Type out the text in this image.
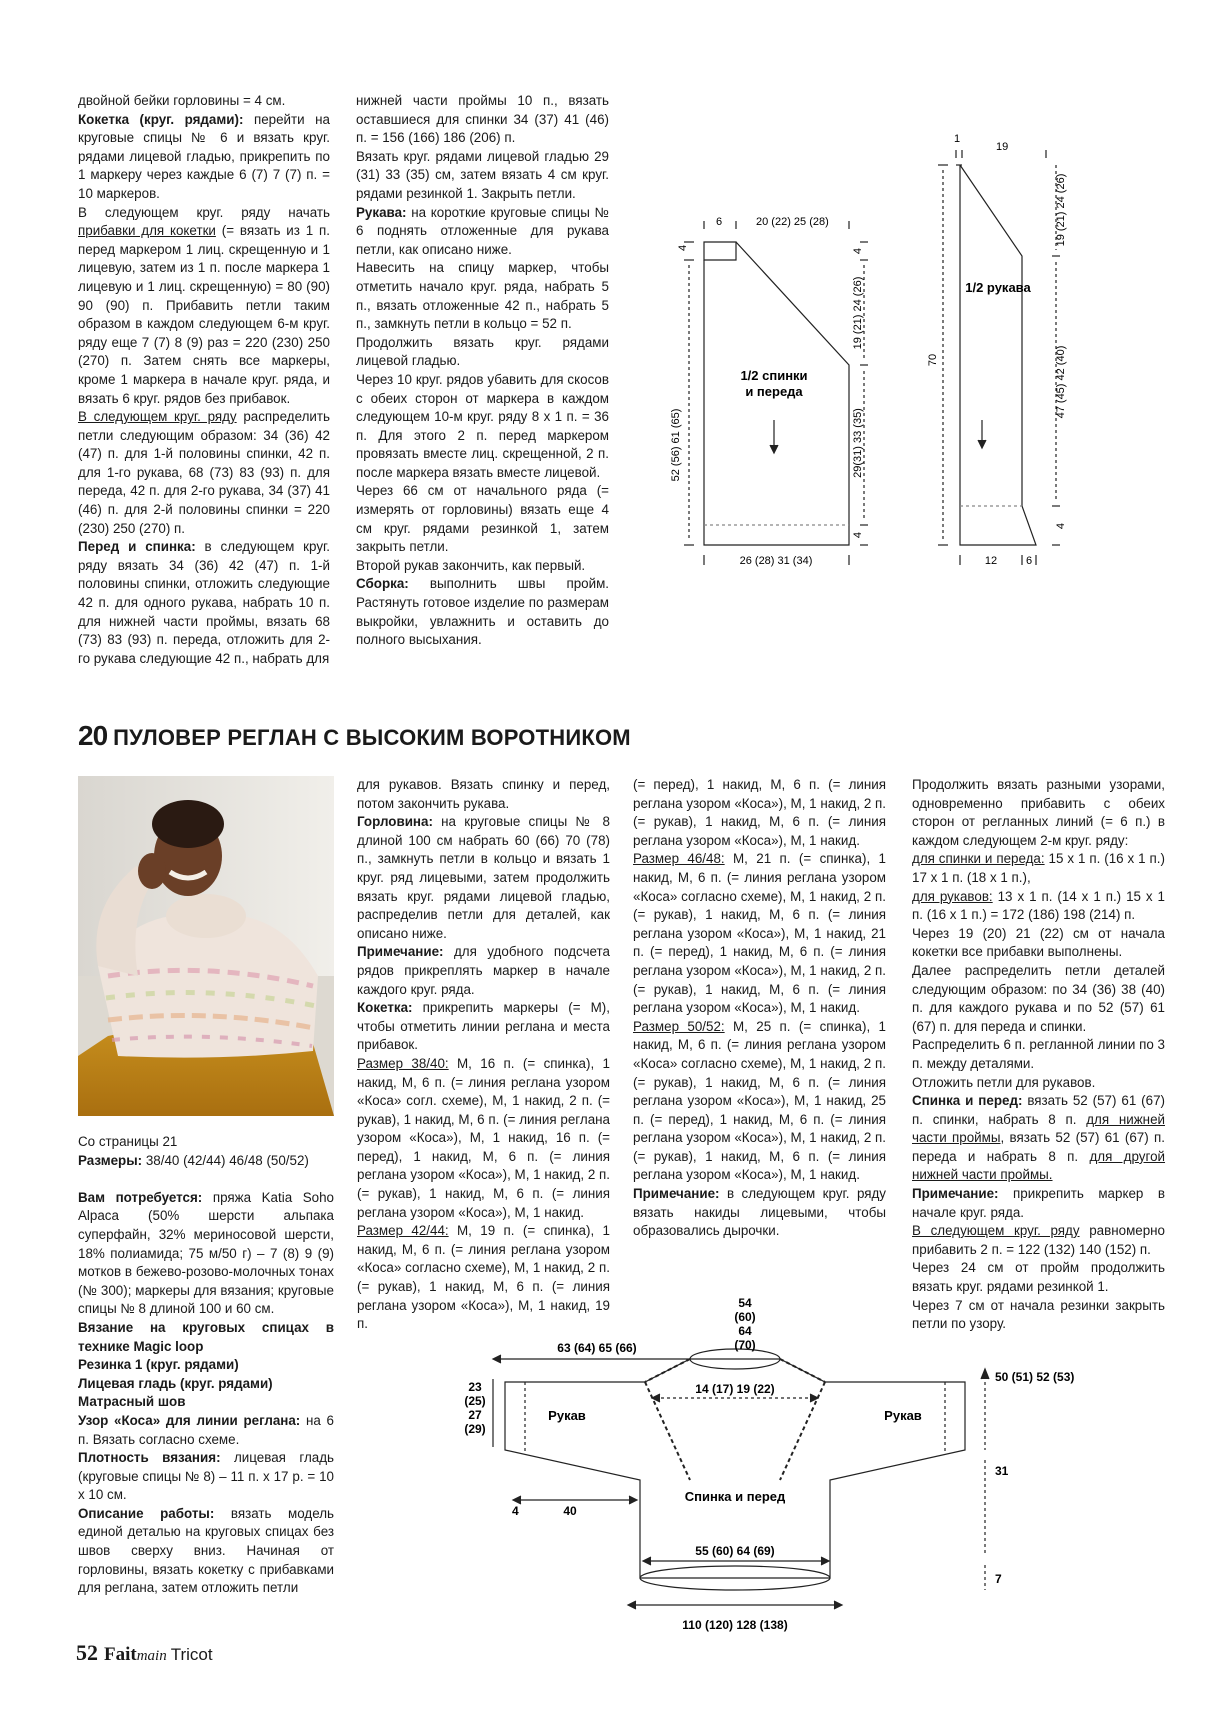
двойной бейки горловины = 4 см.

Кокетка (круг. рядами): перейти на круговые спицы № 6 и вязать круг. рядами лицевой гладью, прикрепить по 1 маркеру через каждые 6 (7) 7 (7) п. = 10 маркеров.

В следующем круг. ряду начать прибавки для кокетки (= вязать из 1 п. перед маркером 1 лиц. скрещенную и 1 лицевую, затем из 1 п. после маркера 1 лицевую и 1 лиц. скрещенную) = 80 (90) 90 (90) п. Прибавить петли таким образом в каждом следующем 6-м круг. ряду еще 7 (7) 8 (9) раз = 220 (230) 250 (270) п. Затем снять все маркеры, кроме 1 маркера в начале круг. ряда, и вязать 6 круг. рядов без прибавок.

В следующем круг. ряду распределить петли следующим образом: 34 (36) 42 (47) п. для 1-й половины спинки, 42 п. для 1-го рукава, 68 (73) 83 (93) п. для переда, 42 п. для 2-го рукава, 34 (37) 41 (46) п. для 2-й половины спинки = 220 (230) 250 (270) п.

Перед и спинка: в следующем круг. ряду вязать 34 (36) 42 (47) п. 1-й половины спинки, отложить следующие 42 п. для одного рукава, набрать 10 п. для нижней части проймы, вязать 68 (73) 83 (93) п. переда, отложить для 2-го рукава следующие 42 п., набрать для

нижней части проймы 10 п., вязать оставшиеся для спинки 34 (37) 41 (46) п. = 156 (166) 186 (206) п.

Вязать круг. рядами лицевой гладью 29 (31) 33 (35) см, затем вязать 4 см круг. рядами резинкой 1. Закрыть петли.

Рукава: на короткие круговые спицы № 6 поднять отложенные для рукава петли, как описано ниже.

Навесить на спицу маркер, чтобы отметить начало круг. ряда, набрать 5 п., вязать отложенные 42 п., набрать 5 п., замкнуть петли в кольцо = 52 п.

Продолжить вязать круг. рядами лицевой гладью.

Через 10 круг. рядов убавить для скосов с обеих сторон от маркера в каждом следующем 10-м круг. ряду 8 x 1 п. = 36 п. Для этого 2 п. перед маркером провязать вместе лиц. скрещенной, 2 п. после маркера вязать вместе лицевой.

Через 66 см от начального ряда (= измерять от горловины) вязать еще 4 см круг. рядами резинкой 1, затем закрыть петли.

Второй рукав закончить, как первый.

Сборка: выполнить швы пройм. Растянуть готовое изделие по размерам выкройки, увлажнить и оставить до полного высыхания.

4
6	20 (22) 25 (28)
52 (56) 61 (65)
19 (21) 24 (26)
29(31) 33 (35)
4
4
26 (28) 31 (34)
1/2 спинки и переда
1
19
70
19 (21) 24 (26)
47 (45) 42 (40)
4
12	6
1/2 рукава
20 ПУЛОВЕР РЕГЛАН С ВЫСОКИМ ВОРОТНИКОМ

Со страницы 21

Размеры: 38/40 (42/44) 46/48 (50/52)

Вам потребуется: пряжа Katia Soho Alpaca (50% шерсти альпака суперфайн, 32% мериносовой шерсти, 18% полиамида; 75 м/50 г) – 7 (8) 9 (9) мотков в бежево-розово-молочных тонах (№ 300); маркеры для вязания; круговые спицы № 8 длиной 100 и 60 см.

Вязание на круговых спицах в технике Magic loop

Резинка 1 (круг. рядами)

Лицевая гладь (круг. рядами)

Матрасный шов

Узор «Коса» для линии реглана: на 6 п. Вязать согласно схеме.

Плотность вязания: лицевая гладь (круговые спицы № 8) – 11 п. x 17 р. = 10 x 10 см.

Описание работы: вязать модель единой деталью на круговых спицах без швов сверху вниз. Начиная от горловины, вязать кокетку с прибавками для реглана, затем отложить петли

для рукавов. Вязать спинку и перед, потом закончить рукава.

Горловина: на круговые спицы № 8 длиной 100 см набрать 60 (66) 70 (78) п., замкнуть петли в кольцо и вязать 1 круг. ряд лицевыми, затем продолжить вязать круг. рядами лицевой гладью, распределив петли для деталей, как описано ниже.

Примечание: для удобного подсчета рядов прикреплять маркер в начале каждого круг. ряда.

Кокетка: прикрепить маркеры (= M), чтобы отметить линии реглана и места прибавок.

Размер 38/40: M, 16 п. (= спинка), 1 накид, M, 6 п. (= линия реглана узором «Коса» согл. схеме), M, 1 накид, 2 п. (= рукав), 1 накид, M, 6 п. (= линия реглана узором «Коса»), M, 1 накид, 16 п. (= перед), 1 накид, M, 6 п. (= линия реглана узором «Коса»), M, 1 накид, 2 п. (= рукав), 1 накид, M, 6 п. (= линия реглана узором «Коса»), M, 1 накид.

Размер 42/44: M, 19 п. (= спинка), 1 накид, M, 6 п. (= линия реглана узором «Коса» согласно схеме), M, 1 накид, 2 п. (= рукав), 1 накид, M, 6 п. (= линия реглана узором «Коса»), M, 1 накид, 19 п.

(= перед), 1 накид, M, 6 п. (= линия реглана узором «Коса»), M, 1 накид, 2 п. (= рукав), 1 накид, M, 6 п. (= линия реглана узором «Коса»), M, 1 накид.

Размер 46/48: M, 21 п. (= спинка), 1 накид, M, 6 п. (= линия реглана узором «Коса» согласно схеме), M, 1 накид, 2 п. (= рукав), 1 накид, M, 6 п. (= линия реглана узором «Коса»), M, 1 накид, 21 п. (= перед), 1 накид, M, 6 п. (= линия реглана узором «Коса»), M, 1 накид, 2 п. (= рукав), 1 накид, M, 6 п. (= линия реглана узором «Коса»), M, 1 накид.

Размер 50/52: M, 25 п. (= спинка), 1 накид, M, 6 п. (= линия реглана узором «Коса» согласно схеме), M, 1 накид, 2 п. (= рукав), 1 накид, M, 6 п. (= линия реглана узором «Коса»), M, 1 накид, 25 п. (= перед), 1 накид, M, 6 п. (= линия реглана узором «Коса»), M, 1 накид, 2 п. (= рукав), 1 накид, M, 6 п. (= линия реглана узором «Коса»), M, 1 накид.

Примечание: в следующем круг. ряду вязать накиды лицевыми, чтобы образовались дырочки.

Продолжить вязать разными узорами, одновременно прибавить с обеих сторон от регланных линий (= 6 п.) в каждом следующем 2-м круг. ряду:

для спинки и переда: 15 x 1 п. (16 x 1 п.) 17 x 1 п. (18 x 1 п.),

для рукавов: 13 x 1 п. (14 x 1 п.) 15 x 1 п. (16 x 1 п.) = 172 (186) 198 (214) п.

Через 19 (20) 21 (22) см от начала кокетки все прибавки выполнены.

Далее распределить петли деталей следующим образом: по 34 (36) 38 (40) п. для каждого рукава и по 52 (57) 61 (67) п. для переда и спинки.

Распределить 6 п. регланной линии по 3 п. между деталями.

Отложить петли для рукавов.

Спинка и перед: вязать 52 (57) 61 (67) п. спинки, набрать 8 п. для нижней части проймы, вязать 52 (57) 61 (67) п. переда и набрать 8 п. для другой нижней части проймы.

Примечание: прикрепить маркер в начале круг. ряда.

В следующем круг. ряду равномерно прибавить 2 п. = 122 (132) 140 (152) п.

Через 24 см от пройм продолжить вязать круг. рядами резинкой 1.

Через 7 см от начала резинки закрыть петли по узору.

Рукав	Рукав
Спинка и перед
63 (64) 65 (66)
54
(60)
64
(70)
14 (17) 19 (22)
23
(25)
27
(29)
50 (51) 52 (53)
31
7
4	40
55 (60) 64 (69)
110 (120) 128 (138)
52 Faitmain Tricot
